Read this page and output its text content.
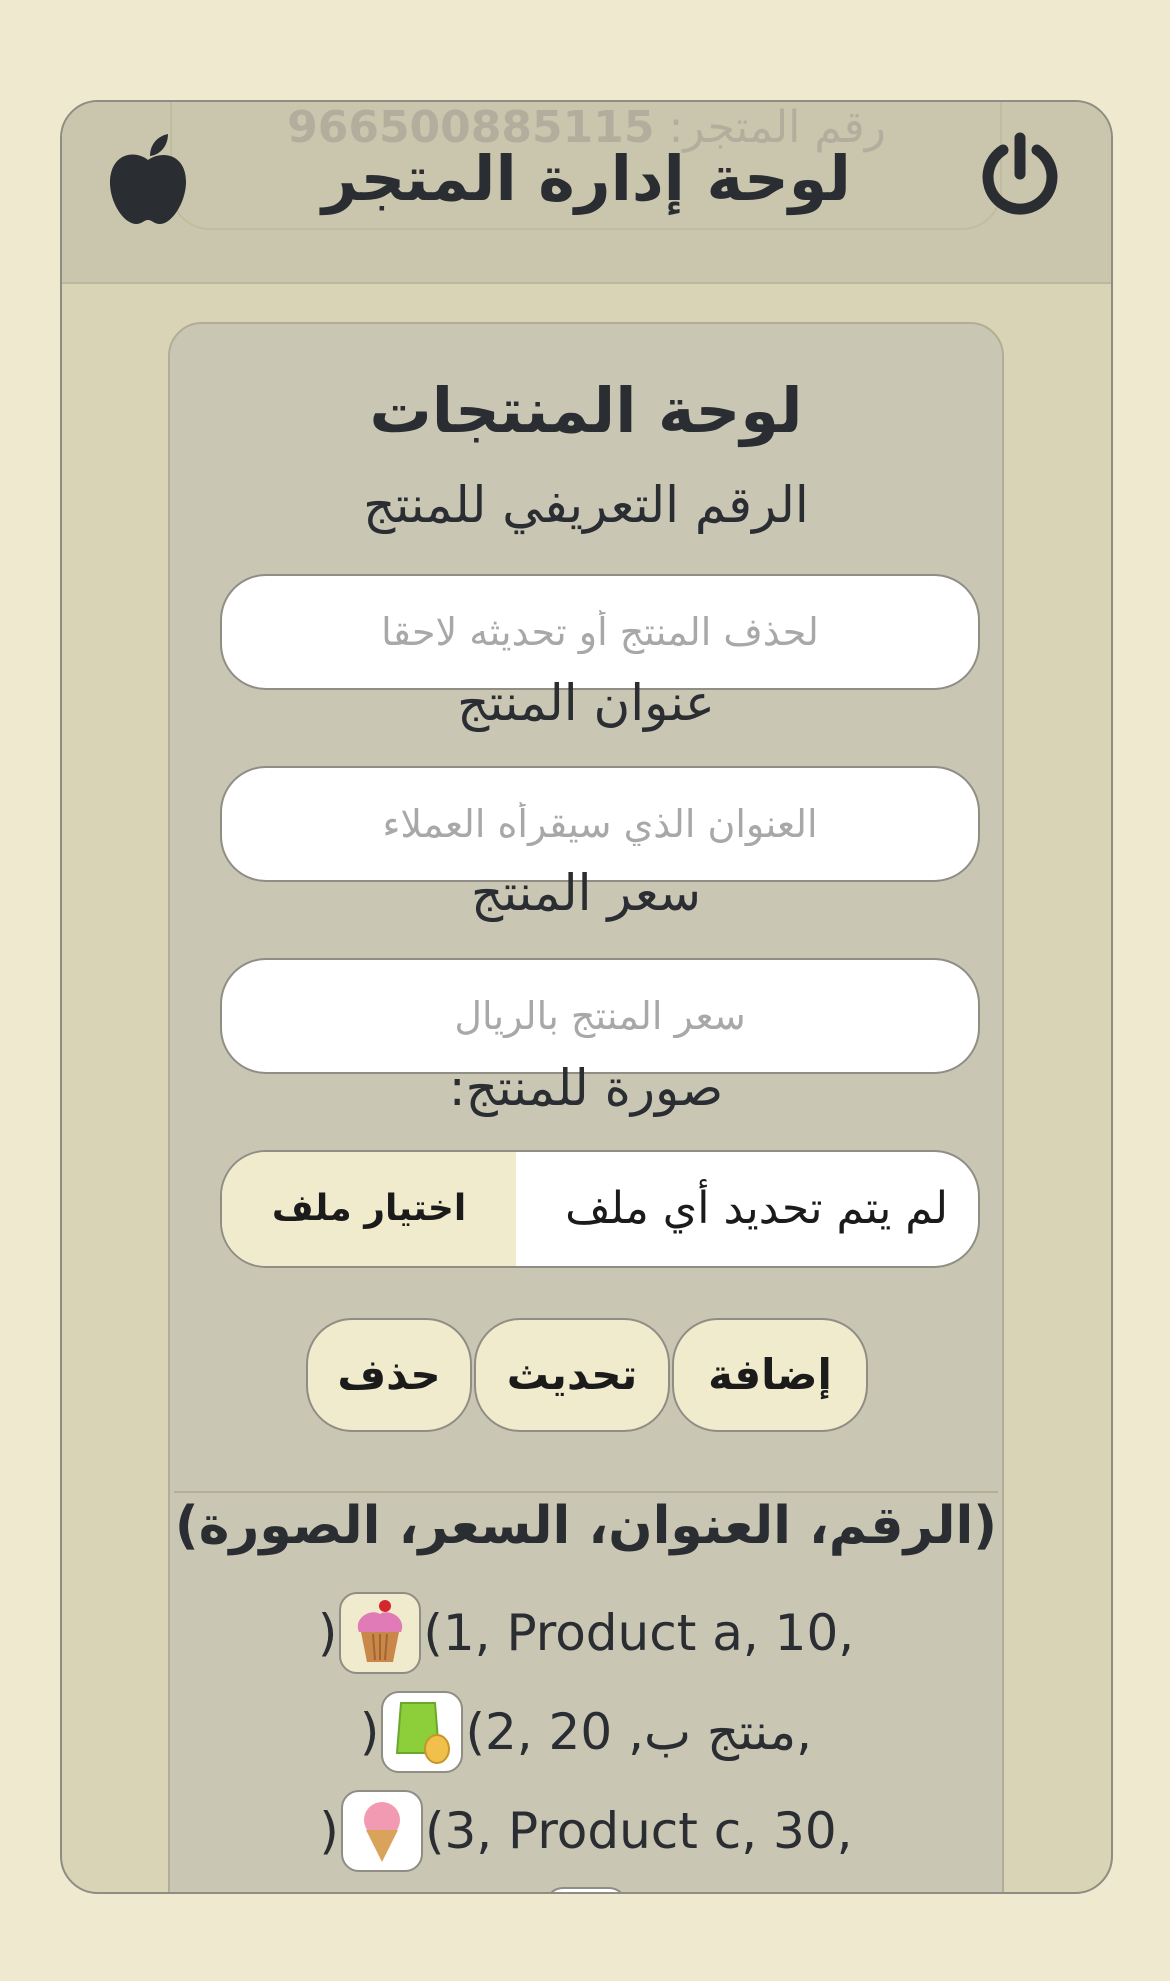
رقم المتجر: 966500885115
لوحة إدارة المتجر
لوحة المنتجات
الرقم التعريفي للمنتج
لحذف المنتج أو تحديثه لاحقا
عنوان المنتج
العنوان الذي سيقرأه العملاء
سعر المنتج
سعر المنتج بالريال
صورة للمنتج:
لم يتم تحديد أي ملف
اختيار ملف
إضافة
تحديث
حذف
(الرقم، العنوان، السعر، الصورة)
(1, Product a, 10,
)
(2, منتج ب, 20,
)
(3, Product c, 30,
)
